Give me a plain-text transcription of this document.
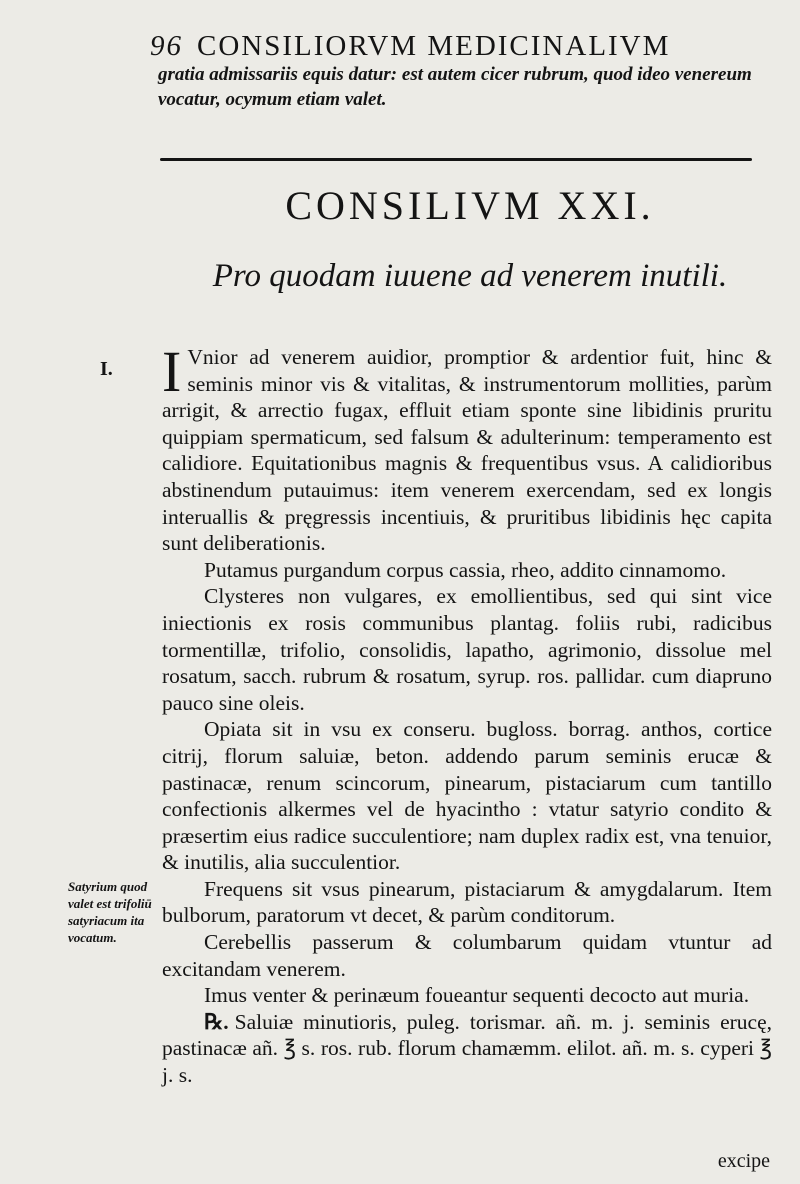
96 CONSILIORVM MEDICINALIVM
gratia admissariis equis datur: est autem cicer rubrum, quod ideo venereum vocatur, ocymum etiam valet.
CONSILIVM XXI.
Pro quodam iuuene ad venerem inutili.
I.
Satyrium quod valet est trifoliū satyriacum ita vocatum.

I Vnior ad venerem auidior, promptior & ardentior fuit, hinc & seminis minor vis & vitalitas, & instrumentorum mollities, parùm arrigit, & arrectio fugax, effluit etiam sponte sine libidinis pruritu quippiam spermaticum, sed falsum & adulterinum: temperamento est calidiore. Equitationibus magnis & frequentibus vsus. A calidioribus abstinendum putauimus: item venerem exercendam, sed ex longis interuallis & pręgressis incentiuis, & pruritibus libidinis hęc capita sunt deliberationis.

Putamus purgandum corpus cassia, rheo, addito cinnamomo.

Clysteres non vulgares, ex emollientibus, sed qui sint vice iniectionis ex rosis communibus plantag. foliis rubi, radicibus tormentillæ, trifolio, consolidis, lapatho, agrimonio, dissolue mel rosatum, sacch. rubrum & rosatum, syrup. ros. pallidar. cum diaprunο pauco sine oleis.

Opiata sit in vsu ex conseru. bugloss. borrag. anthos, cortice citrij, florum saluiæ, beton. addendo parum seminis erucæ & pastinacæ, renum scincorum, pinearum, pistaciarum cum tantillo confectionis alkermes vel de hyacintho : vtatur satyrio condito & præsertim eius radice succulentiore; nam duplex radix est, vna tenuior, & inutilis, alia succulentior.

Frequens sit vsus pinearum, pistaciarum & amygdalarum. Item bulborum, paratorum vt decet, & parùm conditorum.

Cerebellis passerum & columbarum quidam vtuntur ad excitandam venerem.

Imus venter & perinæum foueantur sequenti decocto aut muria.

℞. Saluiæ minutioris, puleg. torismar. añ. m. j. seminis erucę, pastinacæ añ. ℥ s. ros. rub. florum chamæmm. elilot. añ. m. s. cyperi ℥ j. s.

excipe
